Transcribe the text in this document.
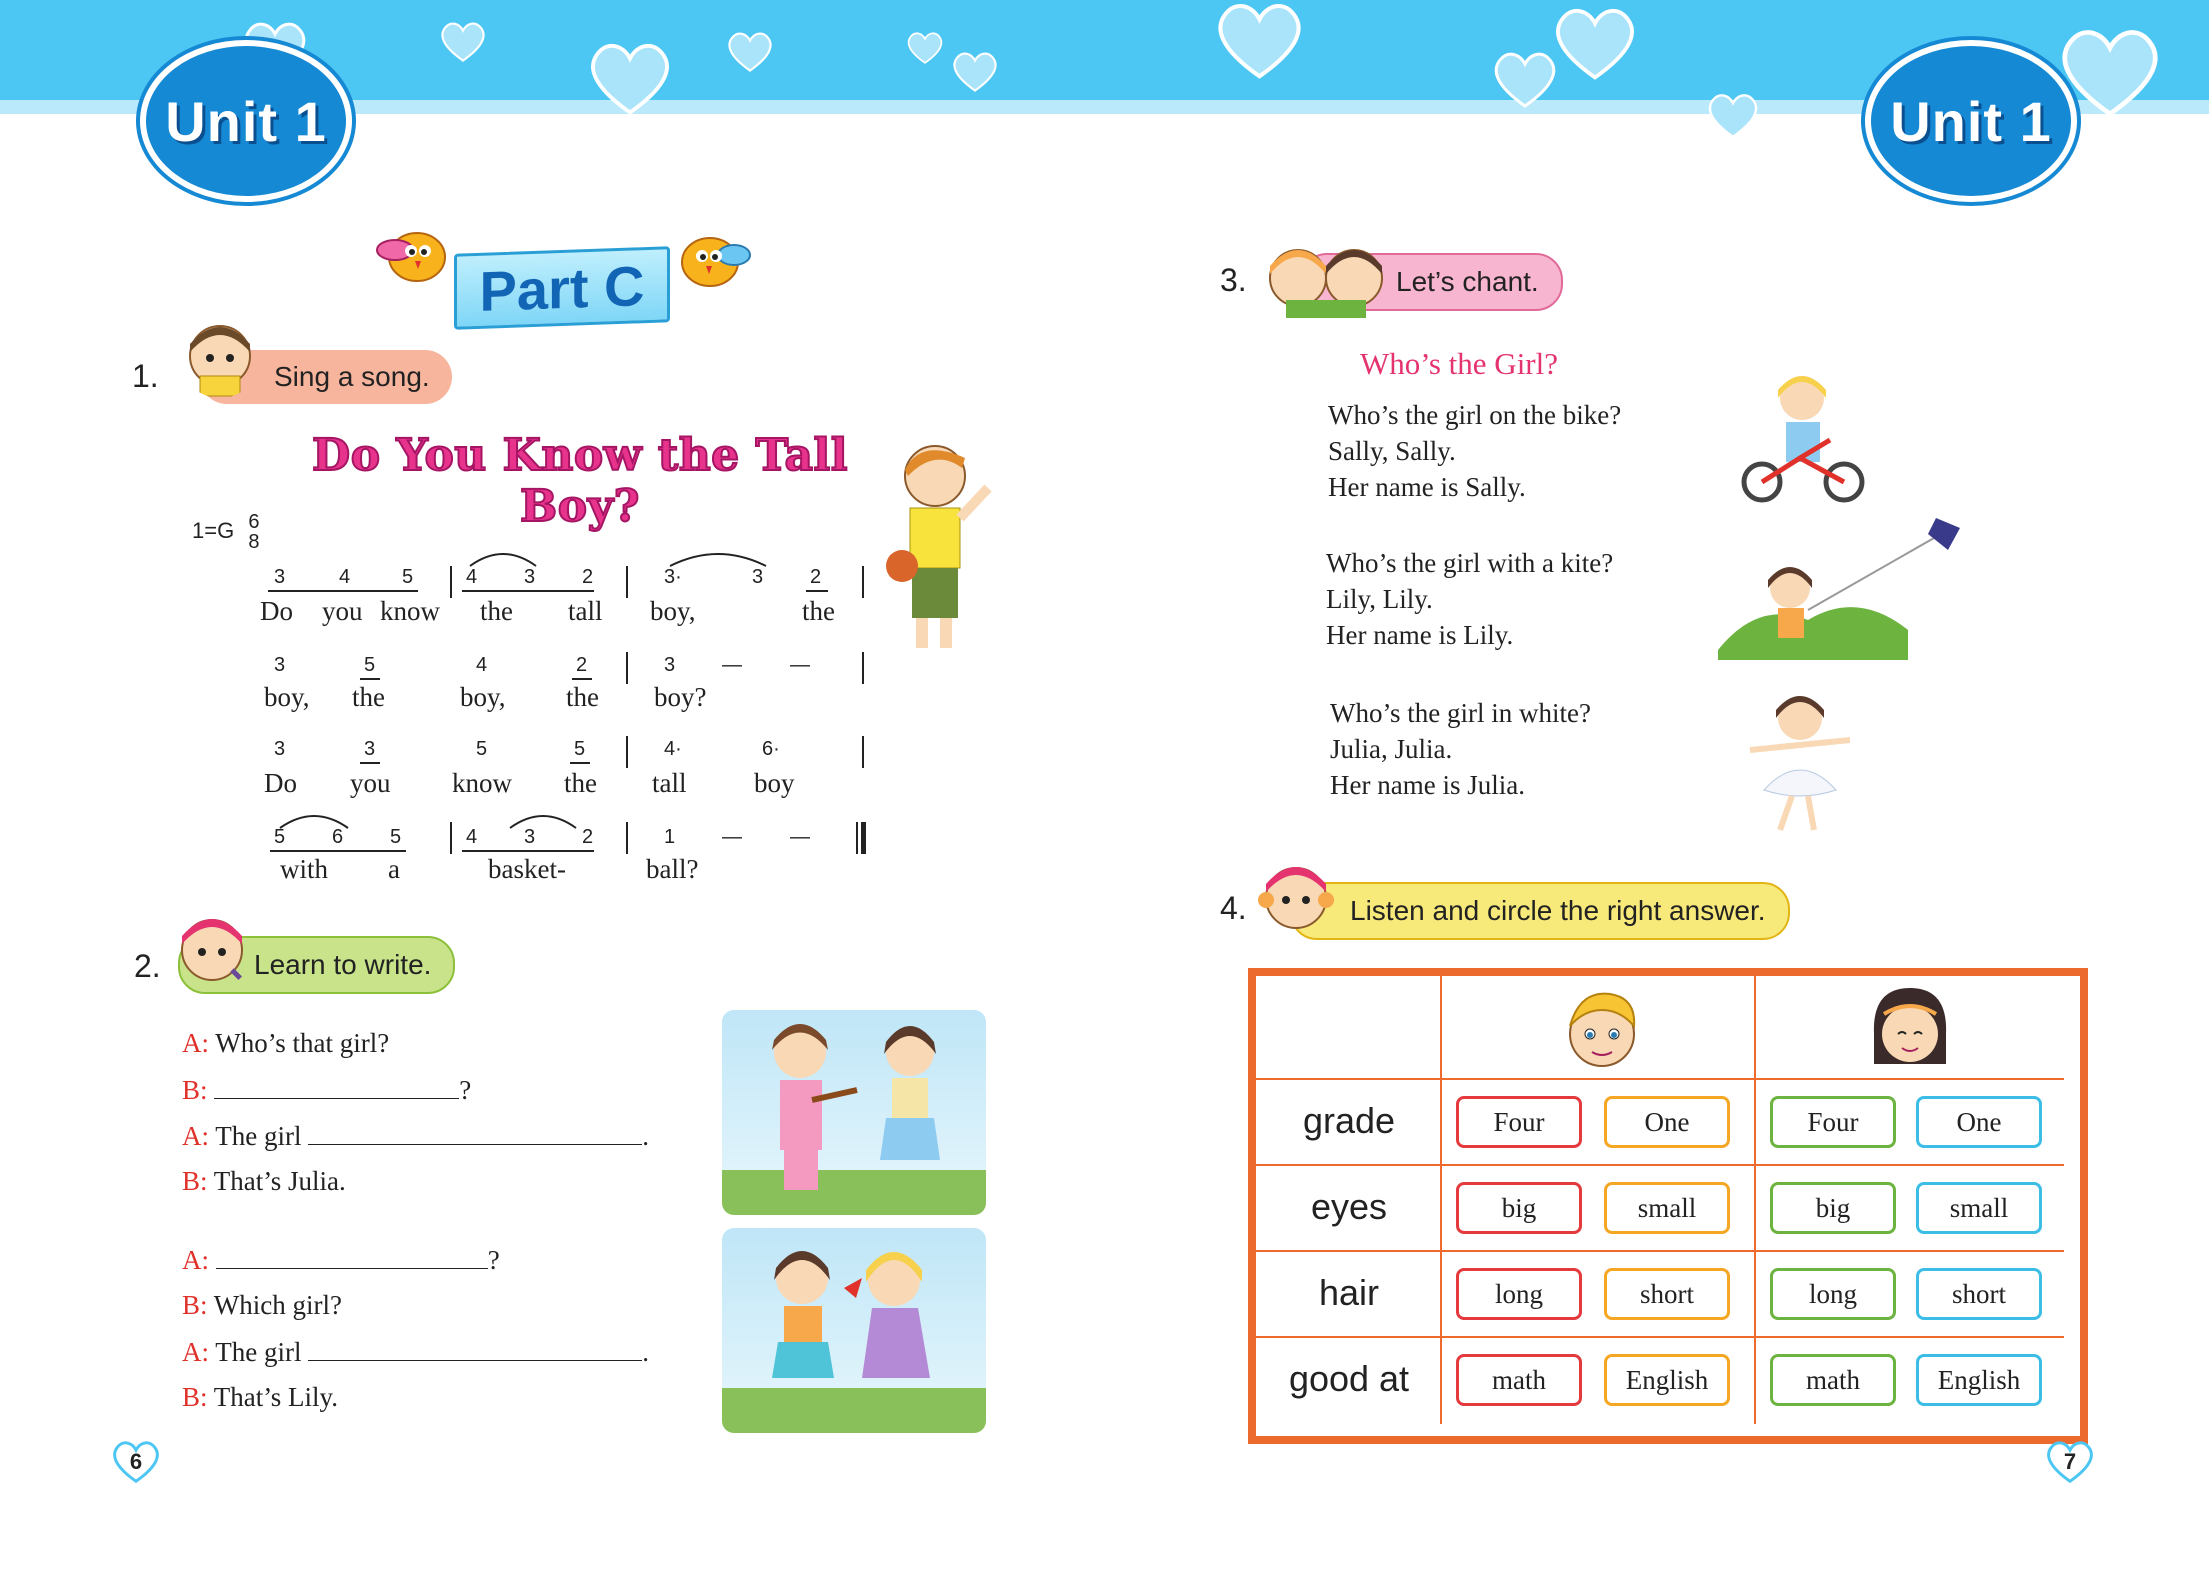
Unit 1	Unit 1
Part C
1.	Sing a song.
Do You Know the Tall Boy?
1=G 6
8
3	4	5	4 3 2	3·	3 2
Do you know the tall boy,	the
3	5	4	2	3 — —
boy, the	boy, the boy?
3	3	5	5	4·	6·
Do you know the tall	boy
5 6 5	4 3 2	1 — —
with a	basket-	ball?
2.	Learn to write.
A: Who’s that girl?
B:	?
A: The girl	.
B: That’s Julia.
A:	?
B: Which girl?
A: The girl	.
B: That’s Lily.
3.	Let’s chant.
Who’s the Girl?
Who’s the girl on the bike?
Sally, Sally.
Her name is Sally.
Who’s the girl with a kite?
Lily, Lily.
Her name is Lily.
Who’s the girl in white?
Julia, Julia.
Her name is Julia.
4.	Listen and circle the right answer.
grade	Four	One	Four	One
eyes	big	small	big	small
hair	long	short	long	short
good at	math	English	math	English
6	7
